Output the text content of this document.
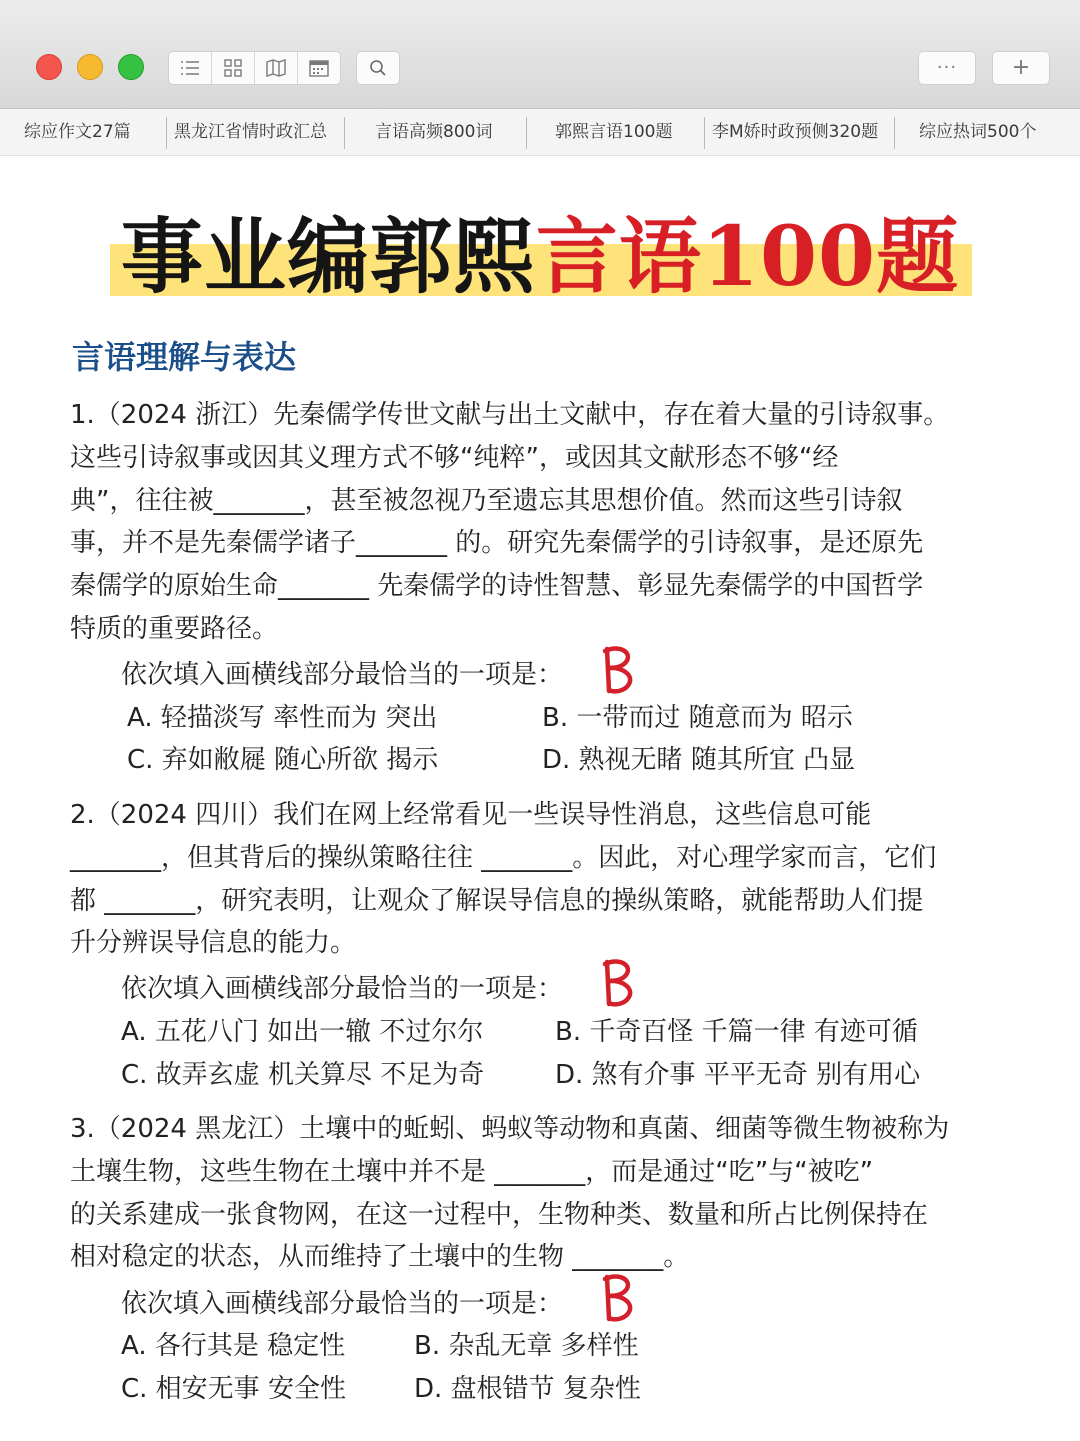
··· +
综应作文27篇	黑龙江省情时政汇总	言语高频800词	郭熙言语100题 李M娇时政预侧320题 综应热词500个
事业编郭熙言语100题
言语理解与表达
1.（2024 浙江）先秦儒学传世文献与出土文献中，存在着大量的引诗叙事。
这些引诗叙事或因其义理方式不够“纯粹”，或因其文献形态不够“经
典”，往往被_______，甚至被忽视乃至遗忘其思想价值。然而这些引诗叙
事，并不是先秦儒学诸子_______ 的。研究先秦儒学的引诗叙事，是还原先
秦儒学的原始生命_______ 先秦儒学的诗性智慧、彰显先秦儒学的中国哲学
特质的重要路径。
依次填入画横线部分最恰当的一项是：
B
A. 轻描淡写 率性而为 突出	B. 一带而过 随意而为 昭示
C. 弃如敝屣 随心所欲 揭示	D. 熟视无睹 随其所宜 凸显
2.（2024 四川）我们在网上经常看见一些误导性消息，这些信息可能
_______，但其背后的操纵策略往往 _______。因此，对心理学家而言，它们
都 _______，研究表明，让观众了解误导信息的操纵策略，就能帮助人们提
升分辨误导信息的能力。
依次填入画横线部分最恰当的一项是：
B
A. 五花八门 如出一辙 不过尔尔	B. 千奇百怪 千篇一律 有迹可循
C. 故弄玄虚 机关算尽 不足为奇	D. 煞有介事 平平无奇 别有用心
3.（2024 黑龙江）土壤中的蚯蚓、蚂蚁等动物和真菌、细菌等微生物被称为
土壤生物，这些生物在土壤中并不是 _______，而是通过“吃”与“被吃”
的关系建成一张食物网，在这一过程中，生物种类、数量和所占比例保持在
相对稳定的状态，从而维持了土壤中的生物 _______。
依次填入画横线部分最恰当的一项是：
B
A. 各行其是 稳定性	B. 杂乱无章 多样性
C. 相安无事 安全性	D. 盘根错节 复杂性
